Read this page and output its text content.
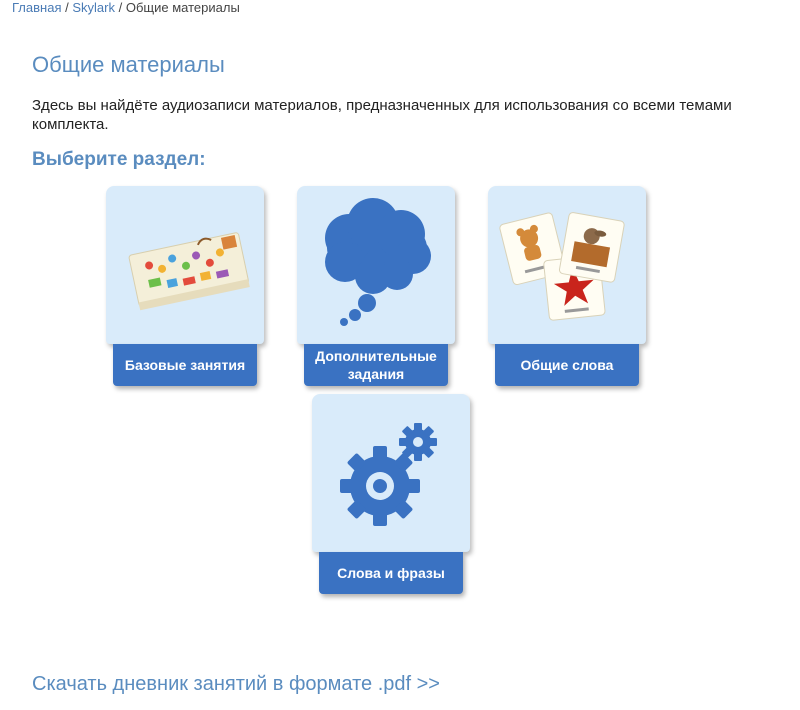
Главная / Skylark / Общие материалы
Общие материалы

Здесь вы найдёте аудиозаписи материалов, предназначенных для использования со всеми темами комплекта.

Выберите раздел:
Базовые занятия
Дополнительные задания
Общие слова
Слова и фразы
Скачать дневник занятий в формате .pdf >>
